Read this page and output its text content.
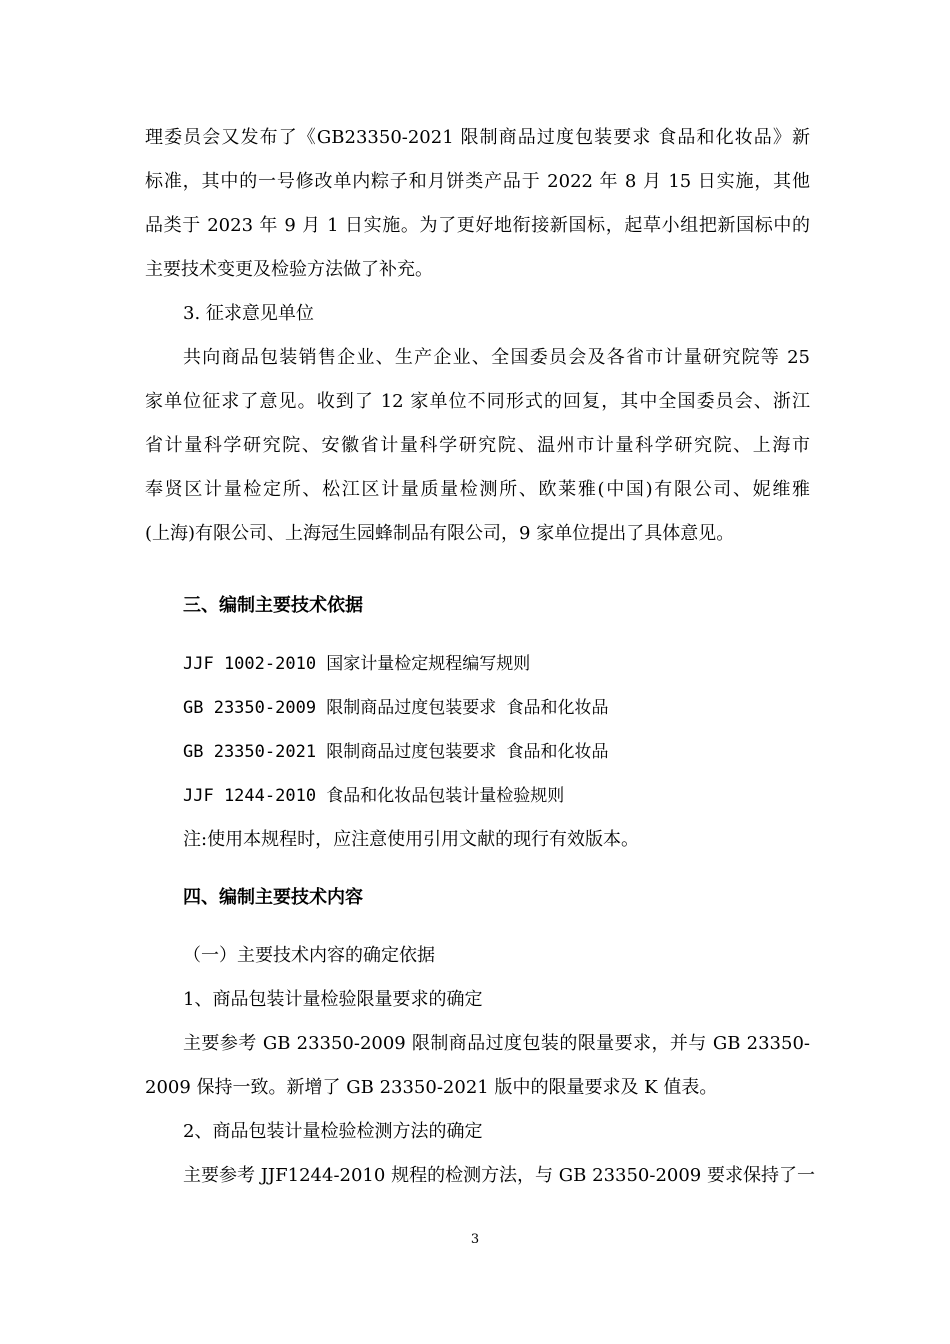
理委员会又发布了《GB23350-2021 限制商品过度包装要求 食品和化妆品》新
标准，其中的一号修改单内粽子和月饼类产品于 2022 年 8 月 15 日实施，其他
品类于 2023 年 9 月 1 日实施。为了更好地衔接新国标，起草小组把新国标中的
主要技术变更及检验方法做了补充。
3. 征求意见单位
共向商品包装销售企业、生产企业、全国委员会及各省市计量研究院等 25
家单位征求了意见。收到了 12 家单位不同形式的回复，其中全国委员会、浙江
省计量科学研究院、安徽省计量科学研究院、温州市计量科学研究院、上海市
奉贤区计量检定所、松江区计量质量检测所、欧莱雅(中国)有限公司、妮维雅
(上海)有限公司、上海冠生园蜂制品有限公司，9 家单位提出了具体意见。
三、编制主要技术依据
JJF 1002-2010 国家计量检定规程编写规则
GB 23350-2009 限制商品过度包装要求 食品和化妆品
GB 23350-2021 限制商品过度包装要求 食品和化妆品
JJF 1244-2010 食品和化妆品包装计量检验规则
注:使用本规程时，应注意使用引用文献的现行有效版本。
四、编制主要技术内容
（一）主要技术内容的确定依据
1、商品包装计量检验限量要求的确定
主要参考 GB 23350-2009 限制商品过度包装的限量要求，并与 GB 23350-
2009 保持一致。新增了 GB 23350-2021 版中的限量要求及 K 值表。
2、商品包装计量检验检测方法的确定
主要参考 JJF1244-2010 规程的检测方法，与 GB 23350-2009 要求保持了一
3
